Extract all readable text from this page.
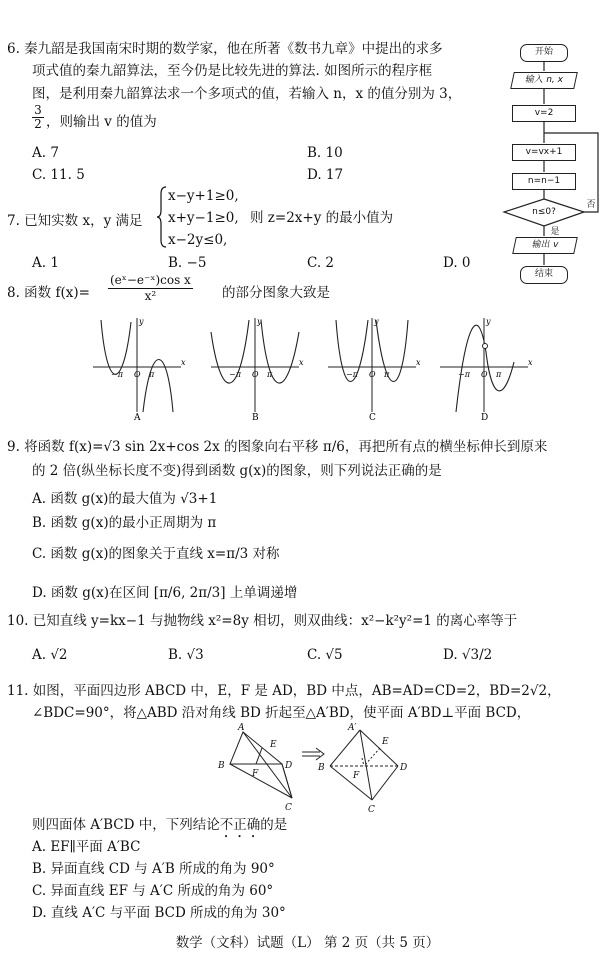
6. 秦九韶是我国南宋时期的数学家，他在所著《数书九章》中提出的求多
项式值的秦九韶算法，至今仍是比较先进的算法. 如图所示的程序框
图，是利用秦九韶算法求一个多项式的值，若输入 n，x 的值分别为 3，
$\frac{3}{2}$ ，则输出 v 的值为
A. 7	B. 10
C. 11. 5	D. 17
开始
输入 n, x
v=2
v=vx+1
n=n−1
n≤0?
否
是
输出 v
结束
7. 已知实数 x，y 满足
x−y+1≥0,
x+y−1≥0,
x−2y≤0,
则 z=2x+y 的最小值为
A. 1	B. −5	C. 2	D. 0
8. 函数 $f(x)= \frac{\text{(eˣ−e⁻ˣ)cos x}}{\text{x²}}$ 的部分图象大致是
y
x
O
−π	π
A
y
x
O
−π	π
B
y
x
O
−π	π
C
y
x
O
−π	π
D
9. 将函数 f(x)=√3 sin 2x+cos 2x 的图象向右平移 π/6，再把所有点的横坐标伸长到原来
的 2 倍(纵坐标长度不变)得到函数 g(x)的图象，则下列说法正确的是
A. 函数 g(x)的最大值为 √3+1
B. 函数 g(x)的最小正周期为 π
C. 函数 g(x)的图象关于直线 x=π/3 对称
D. 函数 g(x)在区间 [π/6, 2π/3] 上单调递增
10. 已知直线 y=kx−1 与抛物线 x²=8y 相切，则双曲线：x²−k²y²=1 的离心率等于
A. √2	B. √3	C. √5	D. √3/2
11. 如图，平面四边形 ABCD 中，E，F 是 AD，BD 中点，AB=AD=CD=2，BD=2√2，
∠BDC=90°，将△ABD 沿对角线 BD 折起至△A′BD，使平面 A′BD⊥平面 BCD，
A
E
B
F
D
C
A′
E
B
F
D
C
则四面体 A′BCD 中，下列结论不正确的是
A. EF∥平面 A′BC
B. 异面直线 CD 与 A′B 所成的角为 90°
C. 异面直线 EF 与 A′C 所成的角为 60°
D. 直线 A′C 与平面 BCD 所成的角为 30°
数学（文科）试题（L） 第 2 页（共 5 页）
